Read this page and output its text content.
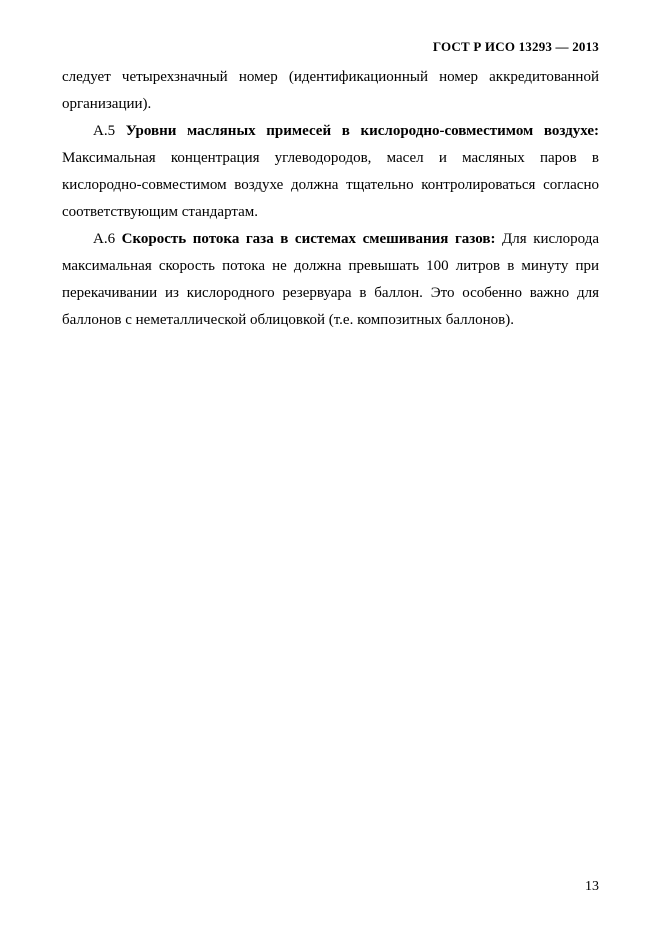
ГОСТ Р ИСО 13293 — 2013

следует четырехзначный номер (идентификационный номер аккредитованной организации).

А.5 Уровни масляных примесей в кислородно-совместимом воздухе: Максимальная концентрация углеводородов, масел и масляных паров в кислородно-совместимом воздухе должна тщательно контролироваться согласно соответствующим стандартам.

А.6 Скорость потока газа в системах смешивания газов: Для кислорода максимальная скорость потока не должна превышать 100 литров в минуту при перекачивании из кислородного резервуара в баллон. Это особенно важно для баллонов с неметаллической облицовкой (т.е. композитных баллонов).

13
